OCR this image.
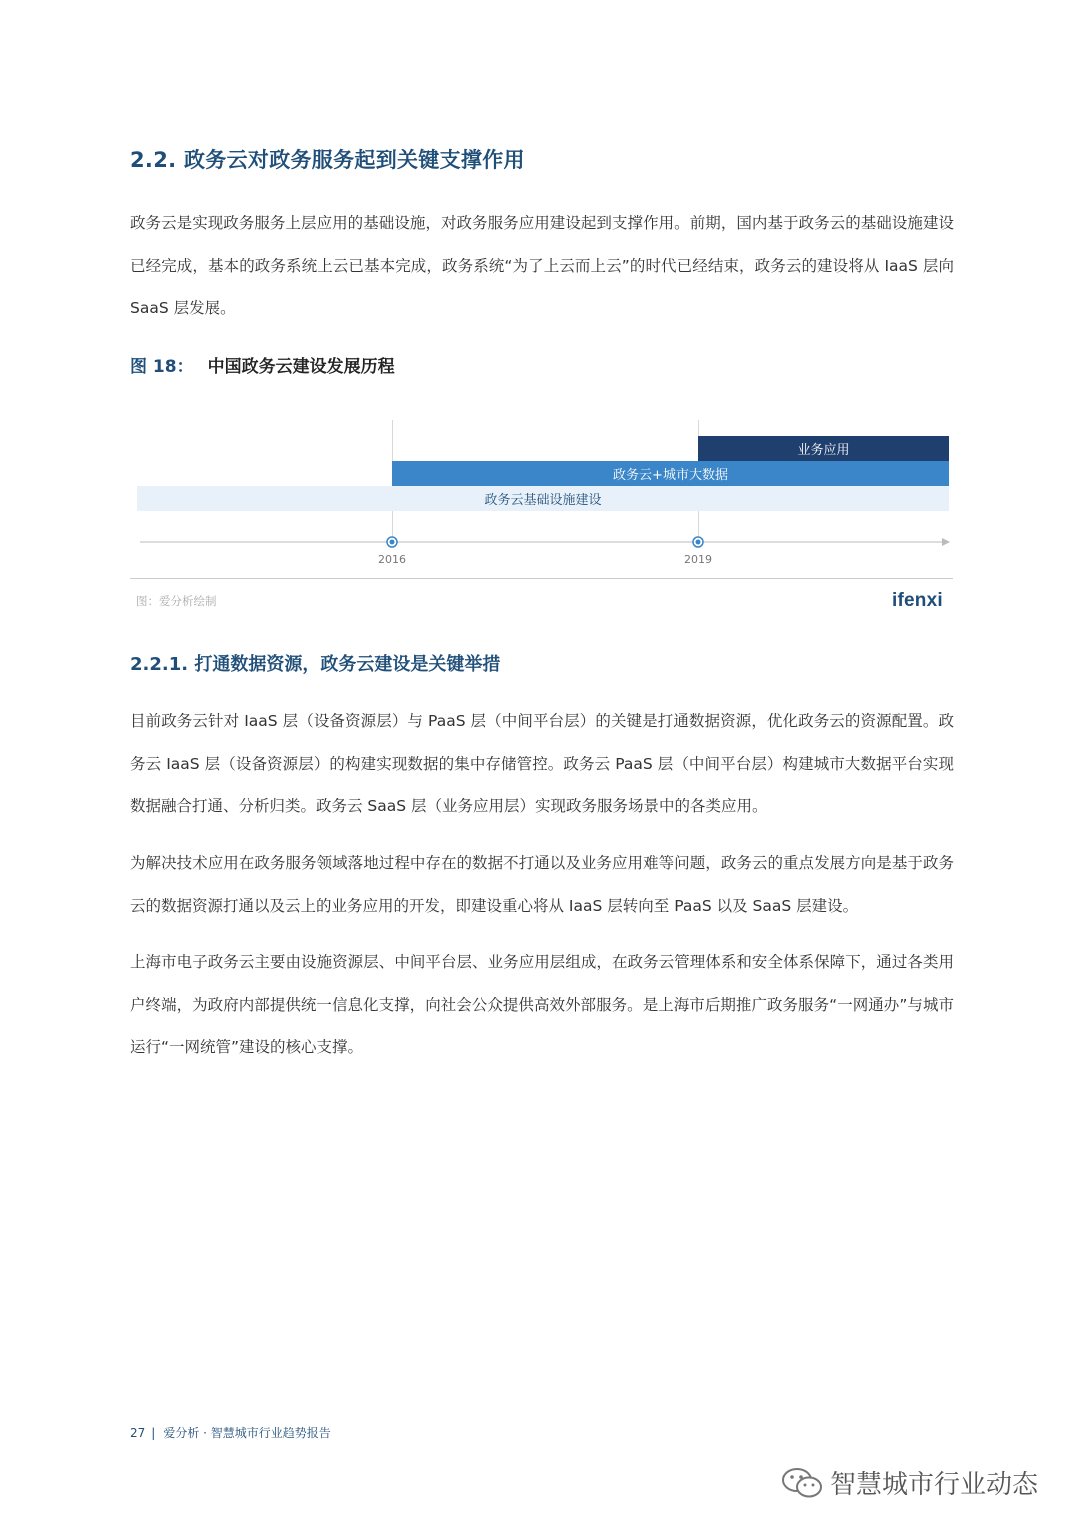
2.2. 政务云对政务服务起到关键支撑作用
政务云是实现政务服务上层应用的基础设施，对政务服务应用建设起到支撑作用。前期，国内基于政务云的基础设施建设已经完成，基本的政务系统上云已基本完成，政务系统“为了上云而上云”的时代已经结束，政务云的建设将从 IaaS 层向 SaaS 层发展。
图 18： 中国政务云建设发展历程
业务应用
政务云+城市大数据
政务云基础设施建设
2016	2019
图：爱分析绘制	ifenxi
2.2.1. 打通数据资源，政务云建设是关键举措
目前政务云针对 IaaS 层（设备资源层）与 PaaS 层（中间平台层）的关键是打通数据资源，优化政务云的资源配置。政务云 IaaS 层（设备资源层）的构建实现数据的集中存储管控。政务云 PaaS 层（中间平台层）构建城市大数据平台实现数据融合打通、分析归类。政务云 SaaS 层（业务应用层）实现政务服务场景中的各类应用。
为解决技术应用在政务服务领域落地过程中存在的数据不打通以及业务应用难等问题，政务云的重点发展方向是基于政务云的数据资源打通以及云上的业务应用的开发，即建设重心将从 IaaS 层转向至 PaaS 以及 SaaS 层建设。
上海市电子政务云主要由设施资源层、中间平台层、业务应用层组成，在政务云管理体系和安全体系保障下，通过各类用户终端，为政府内部提供统一信息化支撑，向社会公众提供高效外部服务。是上海市后期推广政务服务“一网通办”与城市运行“一网统管”建设的核心支撑。
27 | 爱分析 · 智慧城市行业趋势报告
智慧城市行业动态
